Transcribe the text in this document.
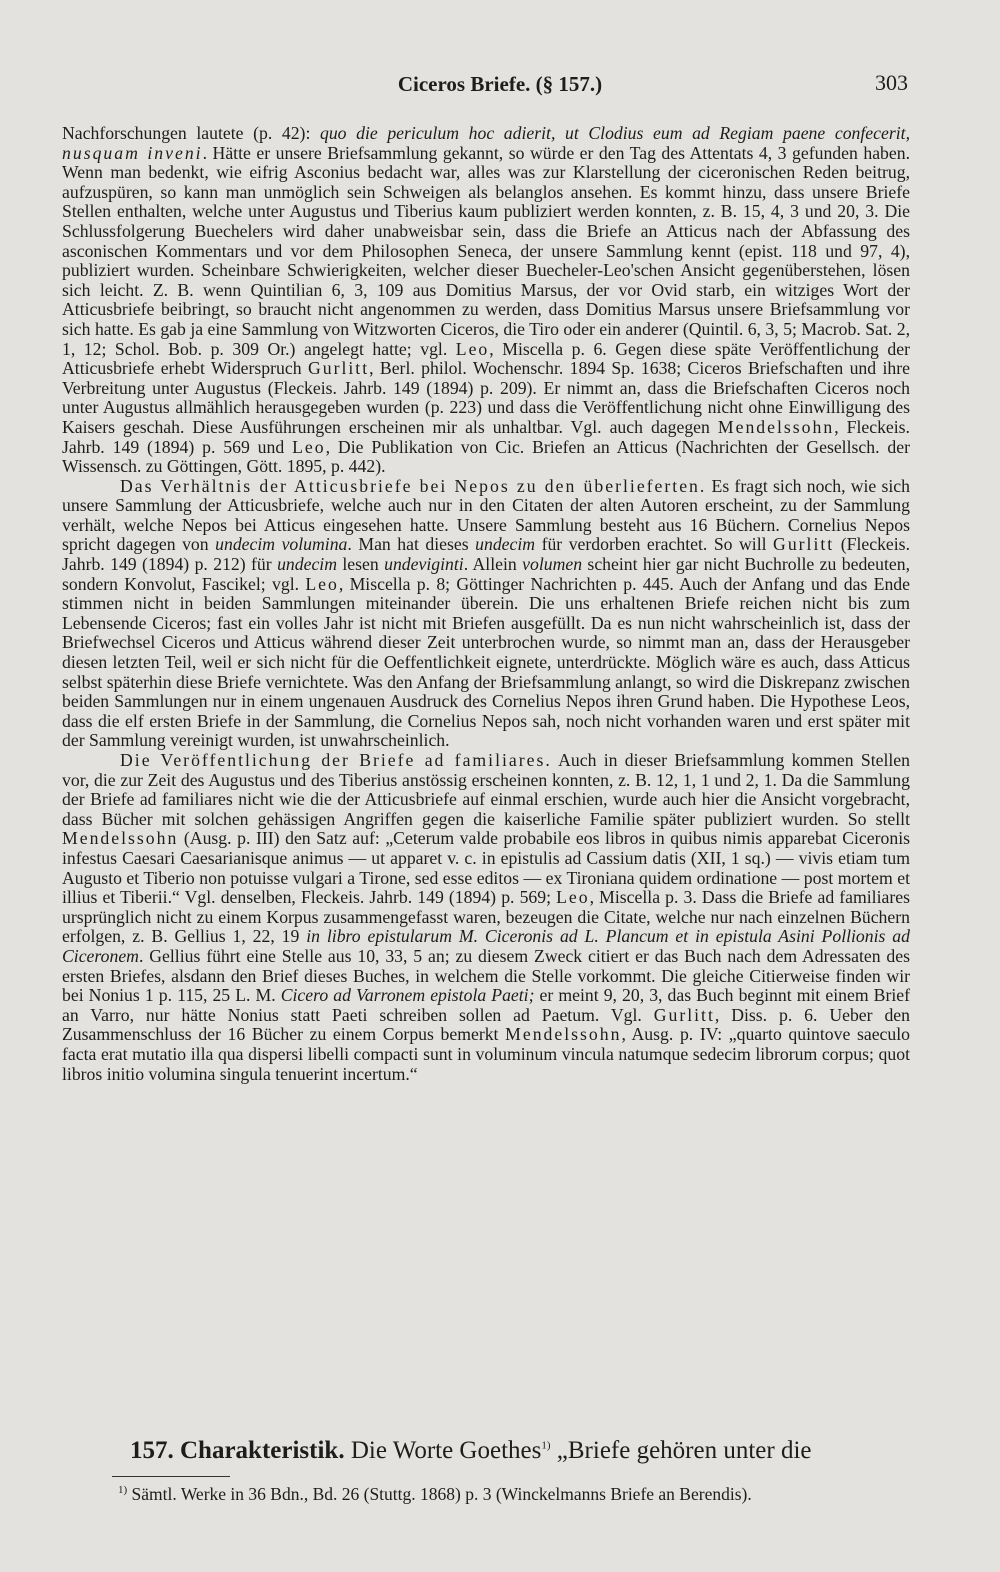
Ciceros Briefe. (§ 157.)	303

Nachforschungen lautete (p. 42): quo die periculum hoc adierit, ut Clodius eum ad Regiam paene confecerit, nusquam inveni. Hätte er unsere Briefsammlung gekannt, so würde er den Tag des Attentats 4, 3 gefunden haben. Wenn man bedenkt, wie eifrig Asconius bedacht war, alles was zur Klarstellung der ciceronischen Reden beitrug, aufzuspüren, so kann man unmöglich sein Schweigen als belanglos ansehen. Es kommt hinzu, dass unsere Briefe Stellen enthalten, welche unter Augustus und Tiberius kaum publiziert werden konnten, z. B. 15, 4, 3 und 20, 3. Die Schlussfolgerung Buechelers wird daher unabweisbar sein, dass die Briefe an Atticus nach der Abfassung des asconischen Kommentars und vor dem Philosophen Seneca, der unsere Sammlung kennt (epist. 118 und 97, 4), publiziert wurden. Scheinbare Schwierigkeiten, welcher dieser Buecheler-Leo'schen Ansicht gegenüberstehen, lösen sich leicht. Z. B. wenn Quintilian 6, 3, 109 aus Domitius Marsus, der vor Ovid starb, ein witziges Wort der Atticusbriefe beibringt, so braucht nicht angenommen zu werden, dass Domitius Marsus unsere Briefsammlung vor sich hatte. Es gab ja eine Sammlung von Witzworten Ciceros, die Tiro oder ein anderer (Quintil. 6, 3, 5; Macrob. Sat. 2, 1, 12; Schol. Bob. p. 309 Or.) angelegt hatte; vgl. Leo, Miscella p. 6. Gegen diese späte Veröffentlichung der Atticusbriefe erhebt Widerspruch Gurlitt, Berl. philol. Wochenschr. 1894 Sp. 1638; Ciceros Briefschaften und ihre Verbreitung unter Augustus (Fleckeis. Jahrb. 149 (1894) p. 209). Er nimmt an, dass die Briefschaften Ciceros noch unter Augustus allmählich herausgegeben wurden (p. 223) und dass die Veröffentlichung nicht ohne Einwilligung des Kaisers geschah. Diese Ausführungen erscheinen mir als unhaltbar. Vgl. auch dagegen Mendelssohn, Fleckeis. Jahrb. 149 (1894) p. 569 und Leo, Die Publikation von Cic. Briefen an Atticus (Nachrichten der Gesellsch. der Wissensch. zu Göttingen, Gött. 1895, p. 442).

Das Verhältnis der Atticusbriefe bei Nepos zu den überlieferten. Es fragt sich noch, wie sich unsere Sammlung der Atticusbriefe, welche auch nur in den Citaten der alten Autoren erscheint, zu der Sammlung verhält, welche Nepos bei Atticus eingesehen hatte. Unsere Sammlung besteht aus 16 Büchern. Cornelius Nepos spricht dagegen von undecim volumina. Man hat dieses undecim für verdorben erachtet. So will Gurlitt (Fleckeis. Jahrb. 149 (1894) p. 212) für undecim lesen undeviginti. Allein volumen scheint hier gar nicht Buchrolle zu bedeuten, sondern Konvolut, Fascikel; vgl. Leo, Miscella p. 8; Göttinger Nachrichten p. 445. Auch der Anfang und das Ende stimmen nicht in beiden Sammlungen miteinander überein. Die uns erhaltenen Briefe reichen nicht bis zum Lebensende Ciceros; fast ein volles Jahr ist nicht mit Briefen ausgefüllt. Da es nun nicht wahrscheinlich ist, dass der Briefwechsel Ciceros und Atticus während dieser Zeit unterbrochen wurde, so nimmt man an, dass der Herausgeber diesen letzten Teil, weil er sich nicht für die Oeffentlichkeit eignete, unterdrückte. Möglich wäre es auch, dass Atticus selbst späterhin diese Briefe vernichtete. Was den Anfang der Briefsammlung anlangt, so wird die Diskrepanz zwischen beiden Sammlungen nur in einem ungenauen Ausdruck des Cornelius Nepos ihren Grund haben. Die Hypothese Leos, dass die elf ersten Briefe in der Sammlung, die Cornelius Nepos sah, noch nicht vorhanden waren und erst später mit der Sammlung vereinigt wurden, ist unwahrscheinlich.

Die Veröffentlichung der Briefe ad familiares. Auch in dieser Briefsammlung kommen Stellen vor, die zur Zeit des Augustus und des Tiberius anstössig erscheinen konnten, z. B. 12, 1, 1 und 2, 1. Da die Sammlung der Briefe ad familiares nicht wie die der Atticusbriefe auf einmal erschien, wurde auch hier die Ansicht vorgebracht, dass Bücher mit solchen gehässigen Angriffen gegen die kaiserliche Familie später publiziert wurden. So stellt Mendelssohn (Ausg. p. III) den Satz auf: „Ceterum valde probabile eos libros in quibus nimis apparebat Ciceronis infestus Caesari Caesarianisque animus — ut apparet v. c. in epistulis ad Cassium datis (XII, 1 sq.) — vivis etiam tum Augusto et Tiberio non potuisse vulgari a Tirone, sed esse editos — ex Tironiana quidem ordinatione — post mortem et illius et Tiberii.“ Vgl. denselben, Fleckeis. Jahrb. 149 (1894) p. 569; Leo, Miscella p. 3. Dass die Briefe ad familiares ursprünglich nicht zu einem Korpus zusammengefasst waren, bezeugen die Citate, welche nur nach einzelnen Büchern erfolgen, z. B. Gellius 1, 22, 19 in libro epistularum M. Ciceronis ad L. Plancum et in epistula Asini Pollionis ad Ciceronem. Gellius führt eine Stelle aus 10, 33, 5 an; zu diesem Zweck citiert er das Buch nach dem Adressaten des ersten Briefes, alsdann den Brief dieses Buches, in welchem die Stelle vorkommt. Die gleiche Citierweise finden wir bei Nonius 1 p. 115, 25 L. M. Cicero ad Varronem epistola Paeti; er meint 9, 20, 3, das Buch beginnt mit einem Brief an Varro, nur hätte Nonius statt Paeti schreiben sollen ad Paetum. Vgl. Gurlitt, Diss. p. 6. Ueber den Zusammenschluss der 16 Bücher zu einem Corpus bemerkt Mendelssohn, Ausg. p. IV: „quarto quintove saeculo facta erat mutatio illa qua dispersi libelli compacti sunt in voluminum vincula natumque sedecim librorum corpus; quot libros initio volumina singula tenuerint incertum.“

157. Charakteristik. Die Worte Goethes$^{1)}$ „Briefe gehören unter die
$^{1)}$ Sämtl. Werke in 36 Bdn., Bd. 26 (Stuttg. 1868) p. 3 (Winckelmanns Briefe an Berendis).
